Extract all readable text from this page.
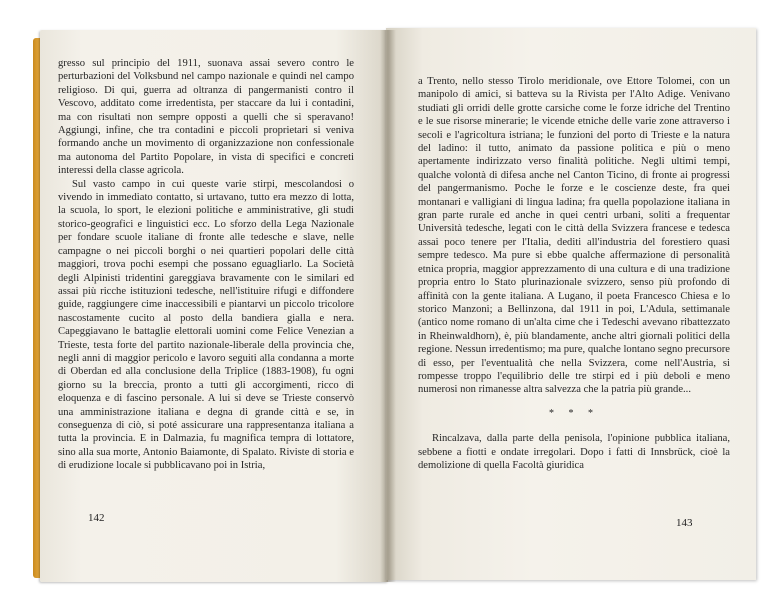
gresso sul principio del 1911, suonava assai severo contro le perturbazioni del Volksbund nel campo nazionale e quindi nel campo religioso. Di qui, guerra ad oltranza di pangermanisti contro il Vescovo, additato come irredentista, per staccare da lui i contadini, ma con risultati non sempre opposti a quelli che si speravano! Aggiungi, infine, che tra contadini e piccoli proprietari si veniva formando anche un movimento di organizzazione non confessionale ma autonoma del Partito Popolare, in vista di specifici e concreti interessi della classe agricola.

Sul vasto campo in cui queste varie stirpi, mescolandosi o vivendo in immediato contatto, si urtavano, tutto era mezzo di lotta, la scuola, lo sport, le elezioni politiche e amministrative, gli studi storico-geografici e linguistici ecc. Lo sforzo della Lega Nazionale per fondare scuole italiane di fronte alle tedesche e slave, nelle campagne o nei piccoli borghi o nei quartieri popolari delle città maggiori, trova pochi esempi che possano eguagliarlo. La Società degli Alpinisti tridentini gareggiava bravamente con le similari ed assai più ricche istituzioni tedesche, nell'istituire rifugi e diffondere guide, raggiungere cime inaccessibili e piantarvi un piccolo tricolore nascostamente cucito al posto della bandiera gialla e nera. Capeggiavano le battaglie elettorali uomini come Felice Venezian a Trieste, testa forte del partito nazionale-liberale della provincia che, negli anni di maggior pericolo e lavoro seguiti alla condanna a morte di Oberdan ed alla conclusione della Triplice (1883-1908), fu ogni giorno su la breccia, pronto a tutti gli accorgimenti, ricco di eloquenza e di fascino personale. A lui si deve se Trieste conservò una amministrazione italiana e degna di grande città e se, in conseguenza di ciò, si poté assicurare una rappresentanza italiana a tutta la provincia. E in Dalmazia, fu magnifica tempra di lottatore, sino alla sua morte, Antonio Baiamonte, di Spalato. Riviste di storia e di erudizione locale si pubblicavano poi in Istria,

142

a Trento, nello stesso Tirolo meridionale, ove Ettore Tolomei, con un manipolo di amici, si batteva su la Rivista per l'Alto Adige. Venivano studiati gli orridi delle grotte carsiche come le forze idriche del Trentino e le sue risorse minerarie; le vicende etniche delle varie zone attraverso i secoli e l'agricoltura istriana; le funzioni del porto di Trieste e la natura del ladino: il tutto, animato da passione politica e più o meno apertamente indirizzato verso finalità politiche. Negli ultimi tempi, qualche volontà di difesa anche nel Canton Ticino, di fronte ai progressi del pangermanismo. Poche le forze e le coscienze deste, fra quei montanari e valligiani di lingua ladina; fra quella popolazione italiana in gran parte rurale ed anche in quei centri urbani, soliti a frequentar Università tedesche, legati con le città della Svizzera francese e tedesca assai poco tenere per l'Italia, dediti all'industria del forestiero quasi sempre tedesco. Ma pure si ebbe qualche affermazione di personalità etnica propria, maggior apprezzamento di una cultura e di una tradizione propria entro lo Stato plurinazionale svizzero, senso più profondo di affinità con la gente italiana. A Lugano, il poeta Francesco Chiesa e lo storico Manzoni; a Bellinzona, dal 1911 in poi, L'Adula, settimanale (antico nome romano di un'alta cime che i Tedeschi avevano ribattezzato in Rheinwaldhorn), è, più blandamente, anche altri giornali politici della regione. Nessun irredentismo; ma pure, qualche lontano segno precursore di esso, per l'eventualità che nella Svizzera, come nell'Austria, si rompesse troppo l'equilibrio delle tre stirpi ed i più deboli e meno numerosi non rimanesse altra salvezza che la patria più grande...

* * *

Rincalzava, dalla parte della penisola, l'opinione pubblica italiana, sebbene a fiotti e ondate irregolari. Dopo i fatti di Innsbrück, cioè la demolizione di quella Facoltà giuridica

143
